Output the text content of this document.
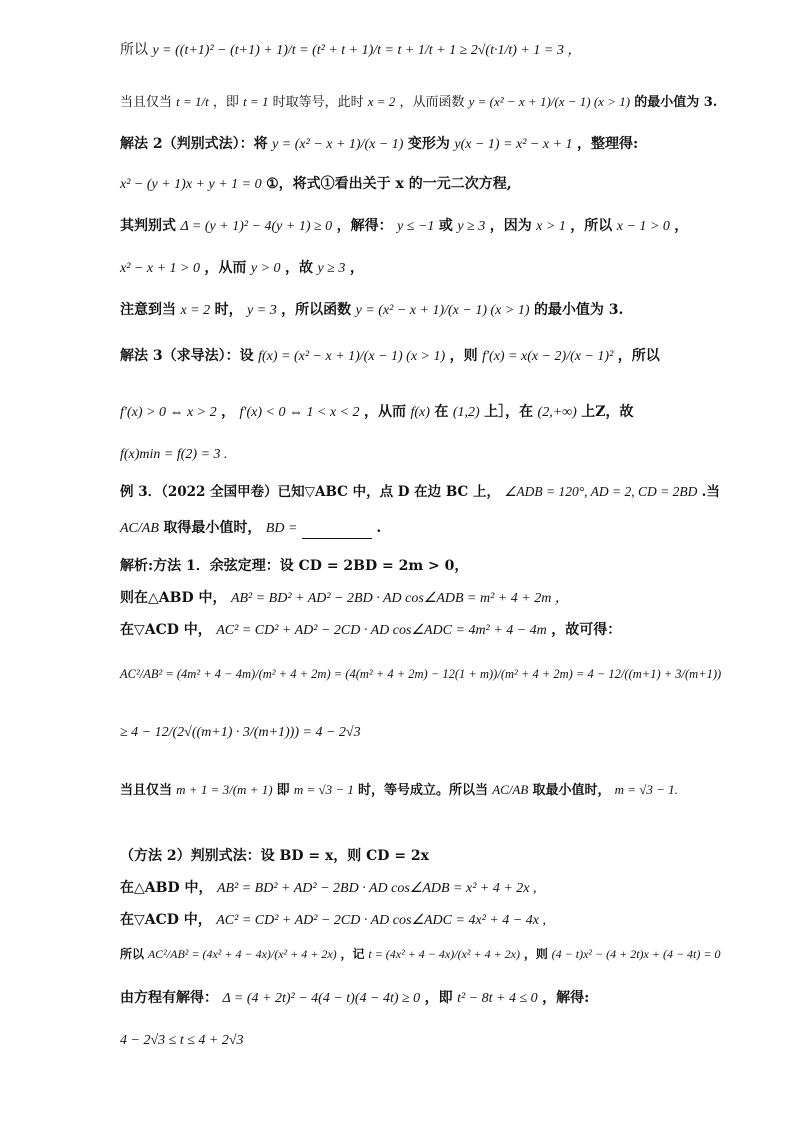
所以 y = ((t+1)² − (t+1) + 1)/t = (t² + t + 1)/t = t + 1/t + 1 ≥ 2√(t·1/t) + 1 = 3 ，
当且仅当 t = 1/t ，即 t = 1 时取等号，此时 x = 2 ，从而函数 y = (x² − x + 1)/(x − 1) (x > 1) 的最小值为 3.
解法 2（判别式法）：将 y = (x² − x + 1)/(x − 1) 变形为 y(x − 1) = x² − x + 1 ，整理得:
x² − (y + 1)x + y + 1 = 0 ①，将式①看出关于 x 的一元二次方程,
其判别式 Δ = (y + 1)² − 4(y + 1) ≥ 0 ，解得： y ≤ −1 或 y ≥ 3 ，因为 x > 1 ，所以 x − 1 > 0 ，
x² − x + 1 > 0 ，从而 y > 0 ，故 y ≥ 3 ，
注意到当 x = 2 时， y = 3 ，所以函数 y = (x² − x + 1)/(x − 1) (x > 1) 的最小值为 3.
解法 3（求导法）：设 f(x) = (x² − x + 1)/(x − 1) (x > 1) ，则 f′(x) = x(x − 2)/(x − 1)² ，所以
f′(x) > 0 ⇔ x > 2 ， f′(x) < 0 ⇔ 1 < x < 2 ，从而 f(x) 在 (1,2) 上］，在 (2,+∞) 上Z，故
f(x)min = f(2) = 3 .
例 3．（2022 全国甲卷）已知▽ABC 中，点 D 在边 BC 上， ∠ADB = 120°, AD = 2, CD = 2BD .当
AC/AB 取得最小值时， BD =	.
解析:方法 1．余弦定理：设 CD = 2BD = 2m > 0，
则在△ABD 中， AB² = BD² + AD² − 2BD · AD cos∠ADB = m² + 4 + 2m ，
在▽ACD 中， AC² = CD² + AD² − 2CD · AD cos∠ADC = 4m² + 4 − 4m ，故可得：
AC²/AB² = (4m² + 4 − 4m)/(m² + 4 + 2m) = (4(m² + 4 + 2m) − 12(1 + m))/(m² + 4 + 2m) = 4 − 12/((m+1) + 3/(m+1))
≥ 4 − 12/(2√((m+1) · 3/(m+1))) = 4 − 2√3
当且仅当 m + 1 = 3/(m + 1) 即 m = √3 − 1 时，等号成立。所以当 AC/AB 取最小值时， m = √3 − 1.
（方法 2）判别式法：设 BD = x，则 CD = 2x
在△ABD 中， AB² = BD² + AD² − 2BD · AD cos∠ADB = x² + 4 + 2x ,
在▽ACD 中， AC² = CD² + AD² − 2CD · AD cos∠ADC = 4x² + 4 − 4x ,
所以 AC²/AB² = (4x² + 4 − 4x)/(x² + 4 + 2x) ，记 t = (4x² + 4 − 4x)/(x² + 4 + 2x) ，则 (4 − t)x² − (4 + 2t)x + (4 − 4t) = 0
由方程有解得： Δ = (4 + 2t)² − 4(4 − t)(4 − 4t) ≥ 0 ，即 t² − 8t + 4 ≤ 0 ，解得:
4 − 2√3 ≤ t ≤ 4 + 2√3
